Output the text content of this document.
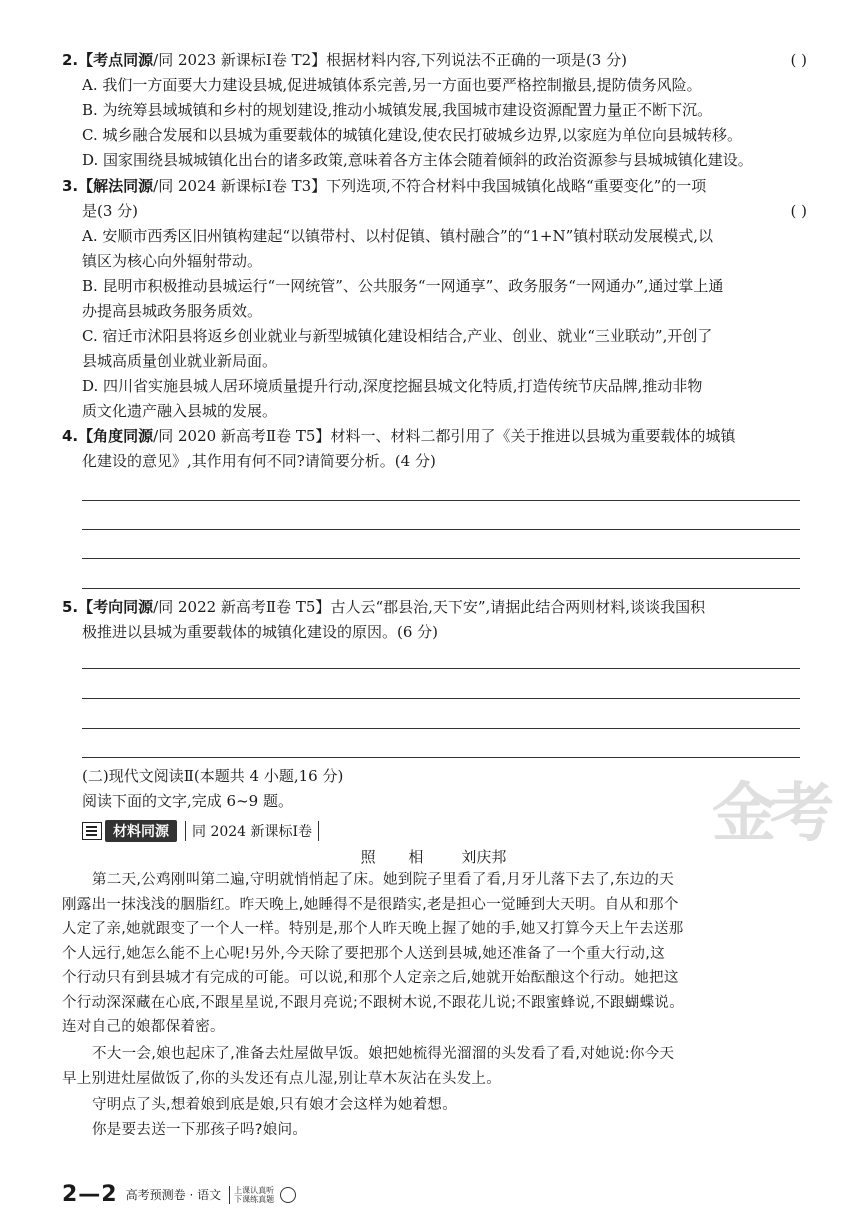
2.【考点同源/同 2023 新课标Ⅰ卷 T2】根据材料内容,下列说法不正确的一项是(3 分)	( )
A. 我们一方面要大力建设县城,促进城镇体系完善,另一方面也要严格控制撤县,提防债务风险。
B. 为统筹县域城镇和乡村的规划建设,推动小城镇发展,我国城市建设资源配置力量正不断下沉。
C. 城乡融合发展和以县城为重要载体的城镇化建设,使农民打破城乡边界,以家庭为单位向县城转移。
D. 国家围绕县城城镇化出台的诸多政策,意味着各方主体会随着倾斜的政治资源参与县城城镇化建设。
3.【解法同源/同 2024 新课标Ⅰ卷 T3】下列选项,不符合材料中我国城镇化战略“重要变化”的一项
是(3 分)	( )
A. 安顺市西秀区旧州镇构建起“以镇带村、以村促镇、镇村融合”的“1+N”镇村联动发展模式,以
镇区为核心向外辐射带动。
B. 昆明市积极推动县城运行“一网统管”、公共服务“一网通享”、政务服务“一网通办”,通过掌上通
办提高县城政务服务质效。
C. 宿迁市沭阳县将返乡创业就业与新型城镇化建设相结合,产业、创业、就业“三业联动”,开创了
县城高质量创业就业新局面。
D. 四川省实施县城人居环境质量提升行动,深度挖掘县城文化特质,打造传统节庆品牌,推动非物
质文化遗产融入县城的发展。
4.【角度同源/同 2020 新高考Ⅱ卷 T5】材料一、材料二都引用了《关于推进以县城为重要载体的城镇
化建设的意见》,其作用有何不同?请简要分析。(4 分)
5.【考向同源/同 2022 新高考Ⅱ卷 T5】古人云“郡县治,天下安”,请据此结合两则材料,谈谈我国积
极推进以县城为重要载体的城镇化建设的原因。(6 分)
(二)现代文阅读Ⅱ(本题共 4 小题,16 分)
阅读下面的文字,完成 6~9 题。	金考
材料同源	同 2024 新课标Ⅰ卷
照 相 刘庆邦
第二天,公鸡刚叫第二遍,守明就悄悄起了床。她到院子里看了看,月牙儿落下去了,东边的天
刚露出一抹浅浅的胭脂红。昨天晚上,她睡得不是很踏实,老是担心一觉睡到大天明。自从和那个
人定了亲,她就跟变了一个人一样。特别是,那个人昨天晚上握了她的手,她又打算今天上午去送那
个人远行,她怎么能不上心呢!另外,今天除了要把那个人送到县城,她还准备了一个重大行动,这
个行动只有到县城才有完成的可能。可以说,和那个人定亲之后,她就开始酝酿这个行动。她把这
个行动深深藏在心底,不跟星星说,不跟月亮说;不跟树木说,不跟花儿说;不跟蜜蜂说,不跟蝴蝶说。
连对自己的娘都保着密。
不大一会,娘也起床了,准备去灶屋做早饭。娘把她梳得光溜溜的头发看了看,对她说:你今天
早上别进灶屋做饭了,你的头发还有点儿湿,别让草木灰沾在头发上。
守明点了头,想着娘到底是娘,只有娘才会这样为她着想。
你是要去送一下那孩子吗?娘问。
2—2 高考预测卷 · 语文 上课认真听
下课练真题
